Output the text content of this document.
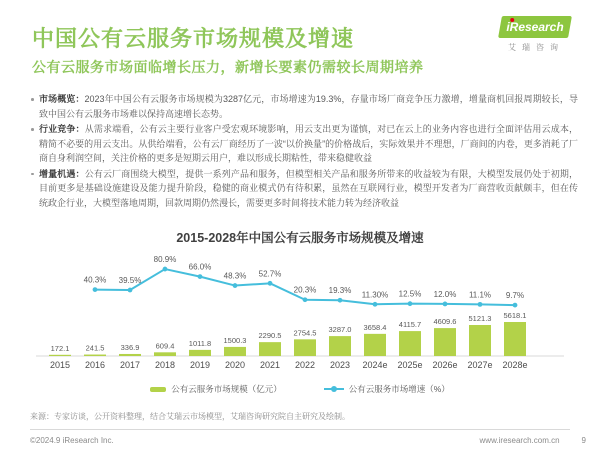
中国公有云服务市场规模及增速	iResearch
艾瑞咨询
公有云服务市场面临增长压力，新增长要素仍需较长周期培养
市场概览：2023年中国公有云服务市场规模为3287亿元，市场增速为19.3%，存量市场厂商竞争压力激增，增量商机回报周期较长，导致中国公有云服务市场难以保持高速增长态势。
行业竞争：从需求端看，公有云主要行业客户受宏观环境影响，用云支出更为谨慎，对已在云上的业务内容也进行全面评估用云成本，精简不必要的用云支出。从供给端看，公有云厂商经历了一波“以价换量”的价格战后，实际效果并不理想，厂商间的内卷，更多消耗了厂商自身利润空间，关注价格的更多是短期云用户，难以形成长期粘性，带来稳健收益
增量机遇：公有云厂商围绕大模型，提供一系列产品和服务，但模型相关产品和服务所带来的收益较为有限，大模型发展仍处于初期，目前更多是基础设施建设及能力提升阶段，稳健的商业模式仍有待积累，虽然在互联网行业，模型开发者为厂商营收贡献颇丰，但在传统政企行业，大模型落地周期，回款周期仍然漫长，需要更多时间将技术能力转为经济收益
2015-2028年中国公有云服务市场规模及增速
172.1
2015
241.5
2016
336.9
2017
609.4
2018
1011.8
2019
1500.3
2020
2290.5
2021
2754.5
2022
3287.0
2023
3658.4
2024e
4115.7
2025e
4609.6
2026e
5121.3
2027e
5618.1
2028e
40.3% 39.5%
80.9%
66.0%
48.3% 52.7%
20.3% 19.3% 11.30% 12.5% 12.0% 11.1% 9.7%
公有云服务市场规模（亿元）	公有云服务市场增速（%）
来源：专家访谈，公开资料整理，结合艾瑞云市场模型，艾瑞咨询研究院自主研究及绘制。
©2024.9 iResearch Inc.	www.iresearch.com.cn	9
